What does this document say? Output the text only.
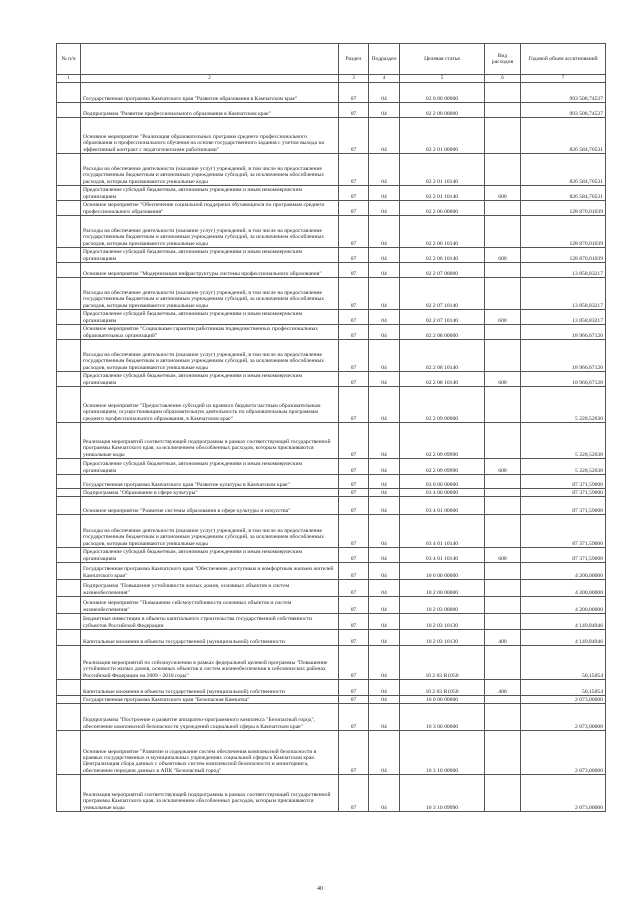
№ п/п		Раздел	Подраздел	Целевая статья	Вид расходов	Годовой объем ассигнований
1	2	3	4	5	6	7
	Государственная программа Камчатского края "Развитие образования в Камчатском крае"	07	04	02 0 00 00000		993 508,74537
	Подпрограмма "Развитие профессионального образования в Камчатском крае"	07	04	02 2 00 00000		993 508,74537
	Основное мероприятие "Реализация образовательных программ среднего профессионального образования и профессионального обучения на основе государственного задания с учетом выхода на эффективный контракт с педагогическими работниками"	07	04	02 2 01 00000		826 584,70531
	Расходы на обеспечение деятельности (оказание услуг) учреждений, в том числе на предоставление государственным бюджетным и автономным учреждениям субсидий, за исключением обособленных расходов, которым присваиваются уникальные коды	07	04	02 2 01 10140		826 584,70531
	Предоставление субсидий бюджетным, автономным учреждениям и иным некоммерческим организациям	07	04	02 2 01 10140	600	826 584,70531
	Основное мероприятие "Обеспечение социальной поддержки обучающихся по программам среднего профессионального образования"	07	04	02 2 06 00000		128 870,01039
	Расходы на обеспечение деятельности (оказание услуг) учреждений, в том числе на предоставление государственным бюджетным и автономным учреждениям субсидий, за исключением обособленных расходов, которым присваиваются уникальные коды	07	04	02 2 06 10140		128 870,01039
	Предоставление субсидий бюджетным, автономным учреждениям и иным некоммерческим организациям	07	04	02 2 06 10140	600	128 870,01039
	Основное мероприятие "Модернизация инфраструктуры системы профессионального образования"	07	04	02 2 07 00000		13 858,83217
	Расходы на обеспечение деятельности (оказание услуг) учреждений, в том числе на предоставление государственным бюджетным и автономным учреждениям субсидий, за исключением обособленных расходов, которым присваиваются уникальные коды	07	04	02 2 07 10140		13 858,83217
	Предоставление субсидий бюджетным, автономным учреждениям и иным некоммерческим организациям	07	04	02 2 07 10140	600	13 858,83217
	Основное мероприятие "Социальные гарантии работникам подведомственных профессиональных образовательных организаций"	07	04	02 2 08 00000		18 966,67120
	Расходы на обеспечение деятельности (оказание услуг) учреждений, в том числе на предоставление государственным бюджетным и автономным учреждениям субсидий, за исключением обособленных расходов, которым присваиваются уникальные коды	07	04	02 2 08 10140		18 966,67120
	Предоставление субсидий бюджетным, автономным учреждениям и иным некоммерческим организациям	07	04	02 2 08 10140	600	18 966,67120
	Основное мероприятие "Предоставление субсидий из краевого бюджета частным образовательным организациям, осуществляющим образовательную деятельность по образовательным программам среднего профессионального образования, в Камчатском крае"	07	04	02 2 09 00000		5 228,52630
	Реализация мероприятий соответствующей подпрограммы в рамках соответствующей государственной программы Камчатского края, за исключением обособленных расходов, которым присваиваются уникальные коды	07	04	02 2 09 09990		5 228,52630
	Предоставление субсидий бюджетным, автономным учреждениям и иным некоммерческим организациям	07	04	02 2 09 09990	600	5 228,52630
	Государственная программа Камчатского края "Развитие культуры в Камчатском крае"	07	04	03 0 00 00000		87 371,59000
	Подпрограмма "Образование в сфере культуры"	07	04	03 4 00 00000		87 371,59000
	Основное мероприятие "Развитие системы образования в сфере культуры и искусства"	07	04	03 4 01 00000		87 371,59000
	Расходы на обеспечение деятельности (оказание услуг) учреждений, в том числе на предоставление государственным бюджетным и автономным учреждениям субсидий, за исключением обособленных расходов, которым присваиваются уникальные коды	07	04	03 4 01 10140		87 371,59000
	Предоставление субсидий бюджетным, автономным учреждениям и иным некоммерческим организациям	07	04	03 4 01 10140	600	87 371,59000
	Государственная программа Камчатского края "Обеспечение доступным и комфортным жильем жителей Камчатского края"	07	04	10 0 00 00000		4 200,00000
	Подпрограмма "Повышение устойчивости жилых домов, основных объектов и систем жизнеобеспечения"	07	04	10 2 00 00000		4 200,00000
	Основное мероприятие "Повышение сейсмоустойчивости основных объектов и систем жизнеобеспечения"	07	04	10 2 03 00000		4 200,00000
	Бюджетные инвестиции в объекты капитального строительства государственной собственности субъектов Российской Федерации	07	04	10 2 03 10130		4 149,84946
	Капитальные вложения в объекты государственной (муниципальной) собственности	07	04	10 2 03 10130	400	4 149,84946
	Реализация мероприятий по сейсмоусилению в рамках федеральной целевой программы "Повышение устойчивости жилых домов, основных объектов и систем жизнеобеспечения в сейсмических районах Российской Федерации на 2009 - 2018 годы"	07	04	10 2 03 R1050		50,15054
	Капитальные вложения в объекты государственной (муниципальной) собственности	07	04	10 2 03 R1050	400	50,15054
	Государственная программа Камчатского края "Безопасная Камчатка"	07	04	16 0 00 00000		2 073,00000
	Подпрограмма "Построение и развитие аппаратно-программного комплекса "Безопасный город", обеспечение комплексной безопасности учреждений социальной сферы в Камчатском крае"	07	04	16 3 00 00000		2 073,00000
	Основное мероприятие "Развитие и содержание систем обеспечения комплексной безопасности в краевых государственных и муниципальных учреждениях социальной сферы в Камчатском крае. Централизация сбора данных с объектовых систем комплексной безопасности и мониторинга, обеспечение передачи данных в АПК "Безопасный город"	07	04	16 3 10 00000		2 073,00000
	Реализация мероприятий соответствующей подпрограммы в рамках соответствующей государственной программы Камчатского края, за исключением обособленных расходов, которым присваиваются уникальные коды	07	04	16 3 10 09990		2 073,00000
40
